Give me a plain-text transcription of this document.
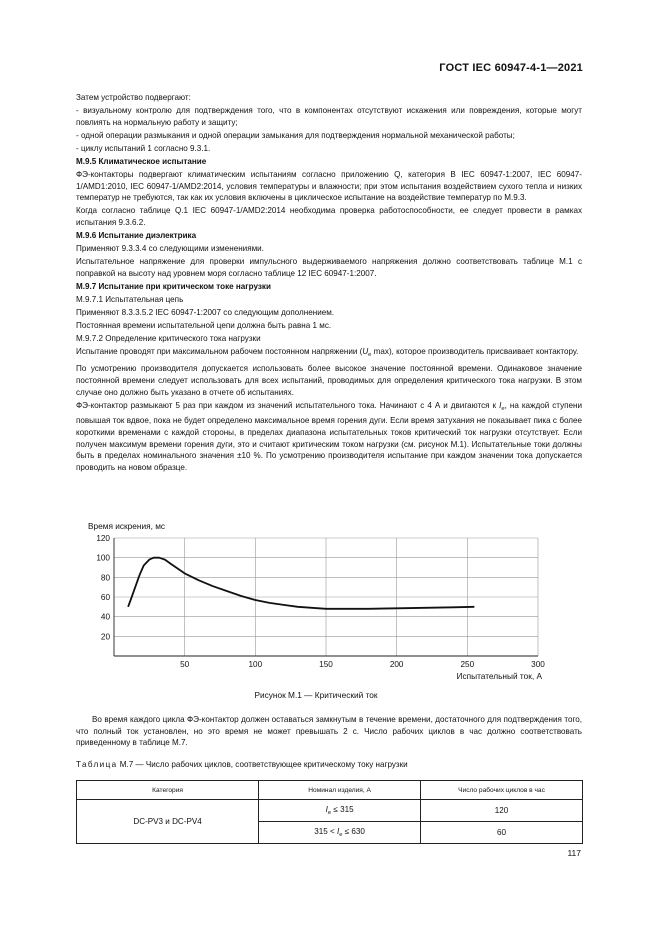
ГОСТ IEC 60947-4-1—2021

Затем устройство подвергают:

- визуальному контролю для подтверждения того, что в компонентах отсутствуют искажения или повреждения, которые могут повлиять на нормальную работу и защиту;

- одной операции размыкания и одной операции замыкания для подтверждения нормальной механической работы;

- циклу испытаний 1 согласно 9.3.1.

М.9.5 Климатическое испытание

ФЭ-контакторы подвергают климатическим испытаниям согласно приложению Q, категория В IEC 60947-1:2007, IEC 60947-1/AMD1:2010, IEC 60947-1/AMD2:2014, условия температуры и влажности; при этом испытания воздействием сухого тепла и низких температур не требуются, так как их условия включены в циклическое испытание на воздействие температур по М.9.3.

Когда согласно таблице Q.1 IEC 60947-1/AMD2:2014 необходима проверка работоспособности, ее следует провести в рамках испытания 9.3.6.2.

М.9.6 Испытание диэлектрика

Применяют 9.3.3.4 со следующими изменениями.

Испытательное напряжение для проверки импульсного выдерживаемого напряжения должно соответствовать таблице М.1 с поправкой на высоту над уровнем моря согласно таблице 12 IEC 60947-1:2007.

М.9.7 Испытание при критическом токе нагрузки

М.9.7.1 Испытательная цепь

Применяют 8.3.3.5.2 IEC 60947-1:2007 со следующим дополнением.

Постоянная времени испытательной цепи должна быть равна 1 мс.

М.9.7.2 Определение критического тока нагрузки

Испытание проводят при максимальном рабочем постоянном напряжении ($U_e$ max), которое производитель присваивает контактору.

По усмотрению производителя допускается использовать более высокое значение постоянной времени. Одинаковое значение постоянной времени следует использовать для всех испытаний, проводимых для определения критического тока нагрузки. В этом случае оно должно быть указано в отчете об испытаниях.

ФЭ-контактор размыкают 5 раз при каждом из значений испытательного тока. Начинают с 4 А и двигаются к $I_e$, на каждой ступени повышая ток вдвое, пока не будет определено максимальное время горения дуги. Если время затухания не показывает пика с более короткими временами с каждой стороны, в пределах диапазона испытательных токов критический ток нагрузки отсутствует. Если получен максимум времени горения дуги, это и считают критическим током нагрузки (см. рисунок М.1). Испытательные токи должны быть в пределах номинального значения ±10 %. По усмотрению производителя испытание при каждом значении тока допускается проводить на новом образце.

20
40
60
80
100
120
50	100	150	200	250	300
Время искрения, мс
Испытательный ток, А
Рисунок М.1 — Критический ток

Во время каждого цикла ФЭ-контактор должен оставаться замкнутым в течение времени, достаточного для подтверждения того, что полный ток установлен, но это время не может превышать 2 с. Число рабочих циклов в час должно соответствовать приведенному в таблице М.7.

Таблица М.7 — Число рабочих циклов, соответствующее критическому току нагрузки
Категория	Номинал изделия, А	Число рабочих циклов в час
DC-PV3 и DC-PV4	$I_e \le 315$	120
	$315 < I_e \le 630$	60
117
